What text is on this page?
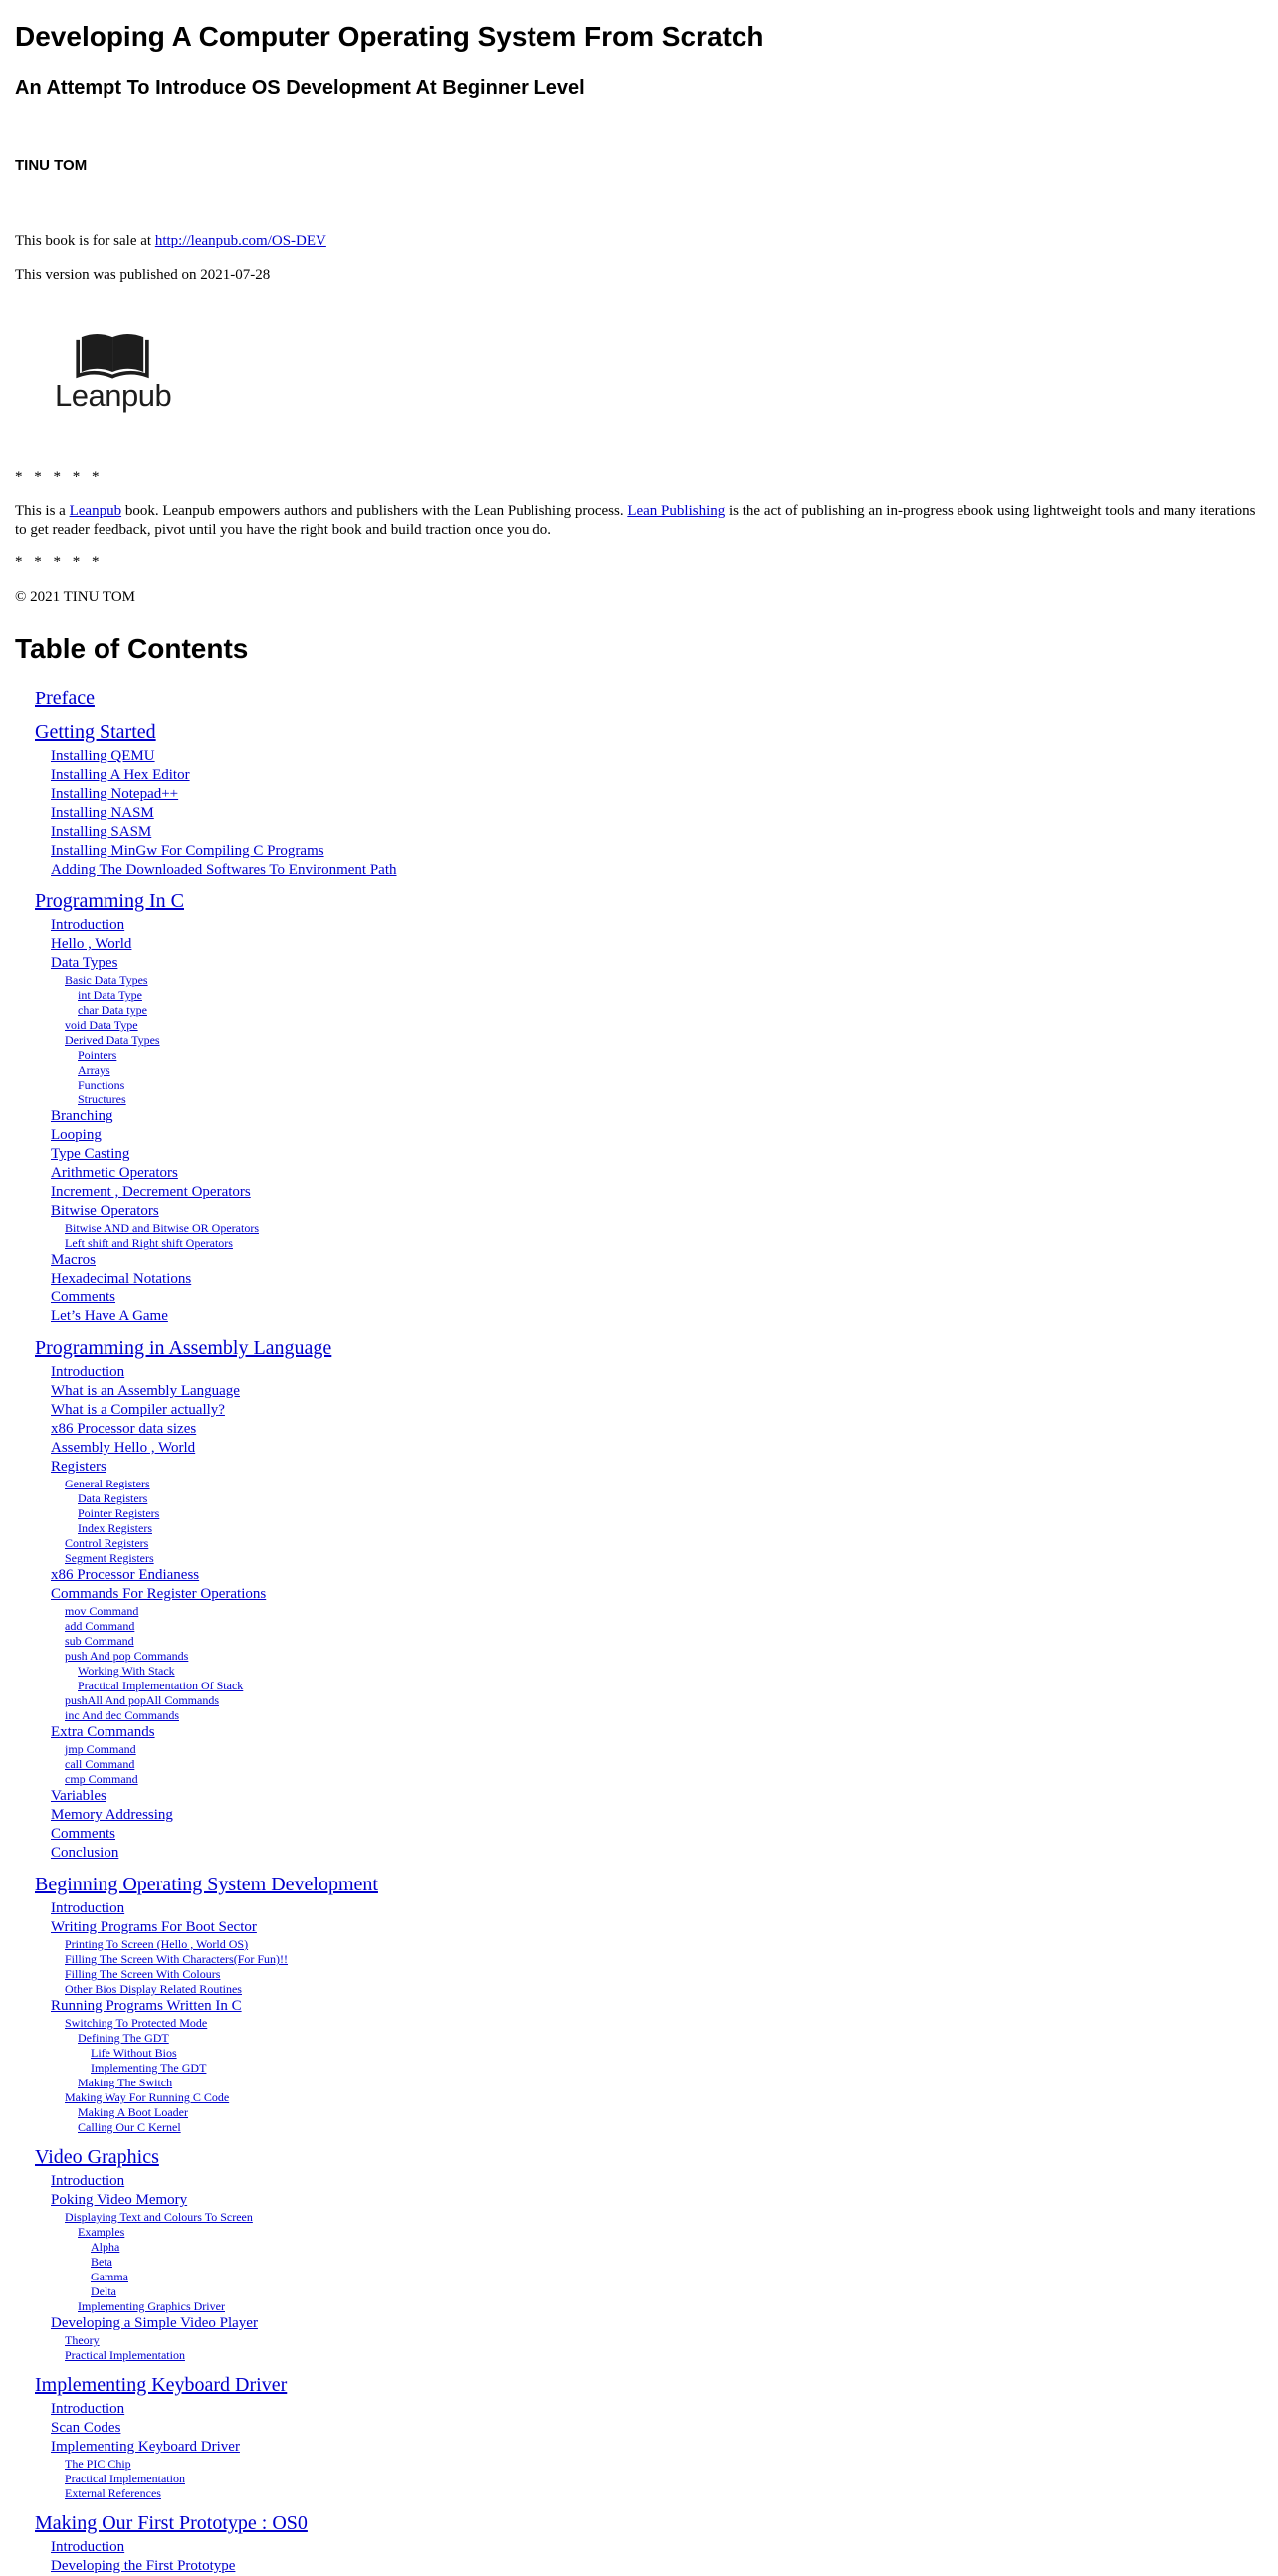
Developing A Computer Operating System From Scratch
An Attempt To Introduce OS Development At Beginner Level
TINU TOM
This book is for sale at http://leanpub.com/OS-DEV
This version was published on 2021-07-28
Leanpub
* * * * *
This is a Leanpub book. Leanpub empowers authors and publishers with the Lean Publishing process. Lean Publishing is the act of publishing an in-progress ebook using lightweight tools and many iterations to get reader feedback, pivot until you have the right book and build traction once you do.
* * * * *
© 2021 TINU TOM
Table of Contents
Preface
Getting Started
Installing QEMU
Installing A Hex Editor
Installing Notepad++
Installing NASM
Installing SASM
Installing MinGw For Compiling C Programs
Adding The Downloaded Softwares To Environment Path
Programming In C
Introduction
Hello , World
Data Types
Basic Data Types
int Data Type
char Data type
void Data Type
Derived Data Types
Pointers
Arrays
Functions
Structures
Branching
Looping
Type Casting
Arithmetic Operators
Increment , Decrement Operators
Bitwise Operators
Bitwise AND and Bitwise OR Operators
Left shift and Right shift Operators
Macros
Hexadecimal Notations
Comments
Let’s Have A Game
Programming in Assembly Language
Introduction
What is an Assembly Language
What is a Compiler actually?
x86 Processor data sizes
Assembly Hello , World
Registers
General Registers
Data Registers
Pointer Registers
Index Registers
Control Registers
Segment Registers
x86 Processor Endianess
Commands For Register Operations
mov Command
add Command
sub Command
push And pop Commands
Working With Stack
Practical Implementation Of Stack
pushAll And popAll Commands
inc And dec Commands
Extra Commands
jmp Command
call Command
cmp Command
Variables
Memory Addressing
Comments
Conclusion
Beginning Operating System Development
Introduction
Writing Programs For Boot Sector
Printing To Screen (Hello , World OS)
Filling The Screen With Characters(For Fun)!!
Filling The Screen With Colours
Other Bios Display Related Routines
Running Programs Written In C
Switching To Protected Mode
Defining The GDT
Life Without Bios
Implementing The GDT
Making The Switch
Making Way For Running C Code
Making A Boot Loader
Calling Our C Kernel
Video Graphics
Introduction
Poking Video Memory
Displaying Text and Colours To Screen
Examples
Alpha
Beta
Gamma
Delta
Implementing Graphics Driver
Developing a Simple Video Player
Theory
Practical Implementation
Implementing Keyboard Driver
Introduction
Scan Codes
Implementing Keyboard Driver
The PIC Chip
Practical Implementation
External References
Making Our First Prototype : OS0
Introduction
Developing the First Prototype
